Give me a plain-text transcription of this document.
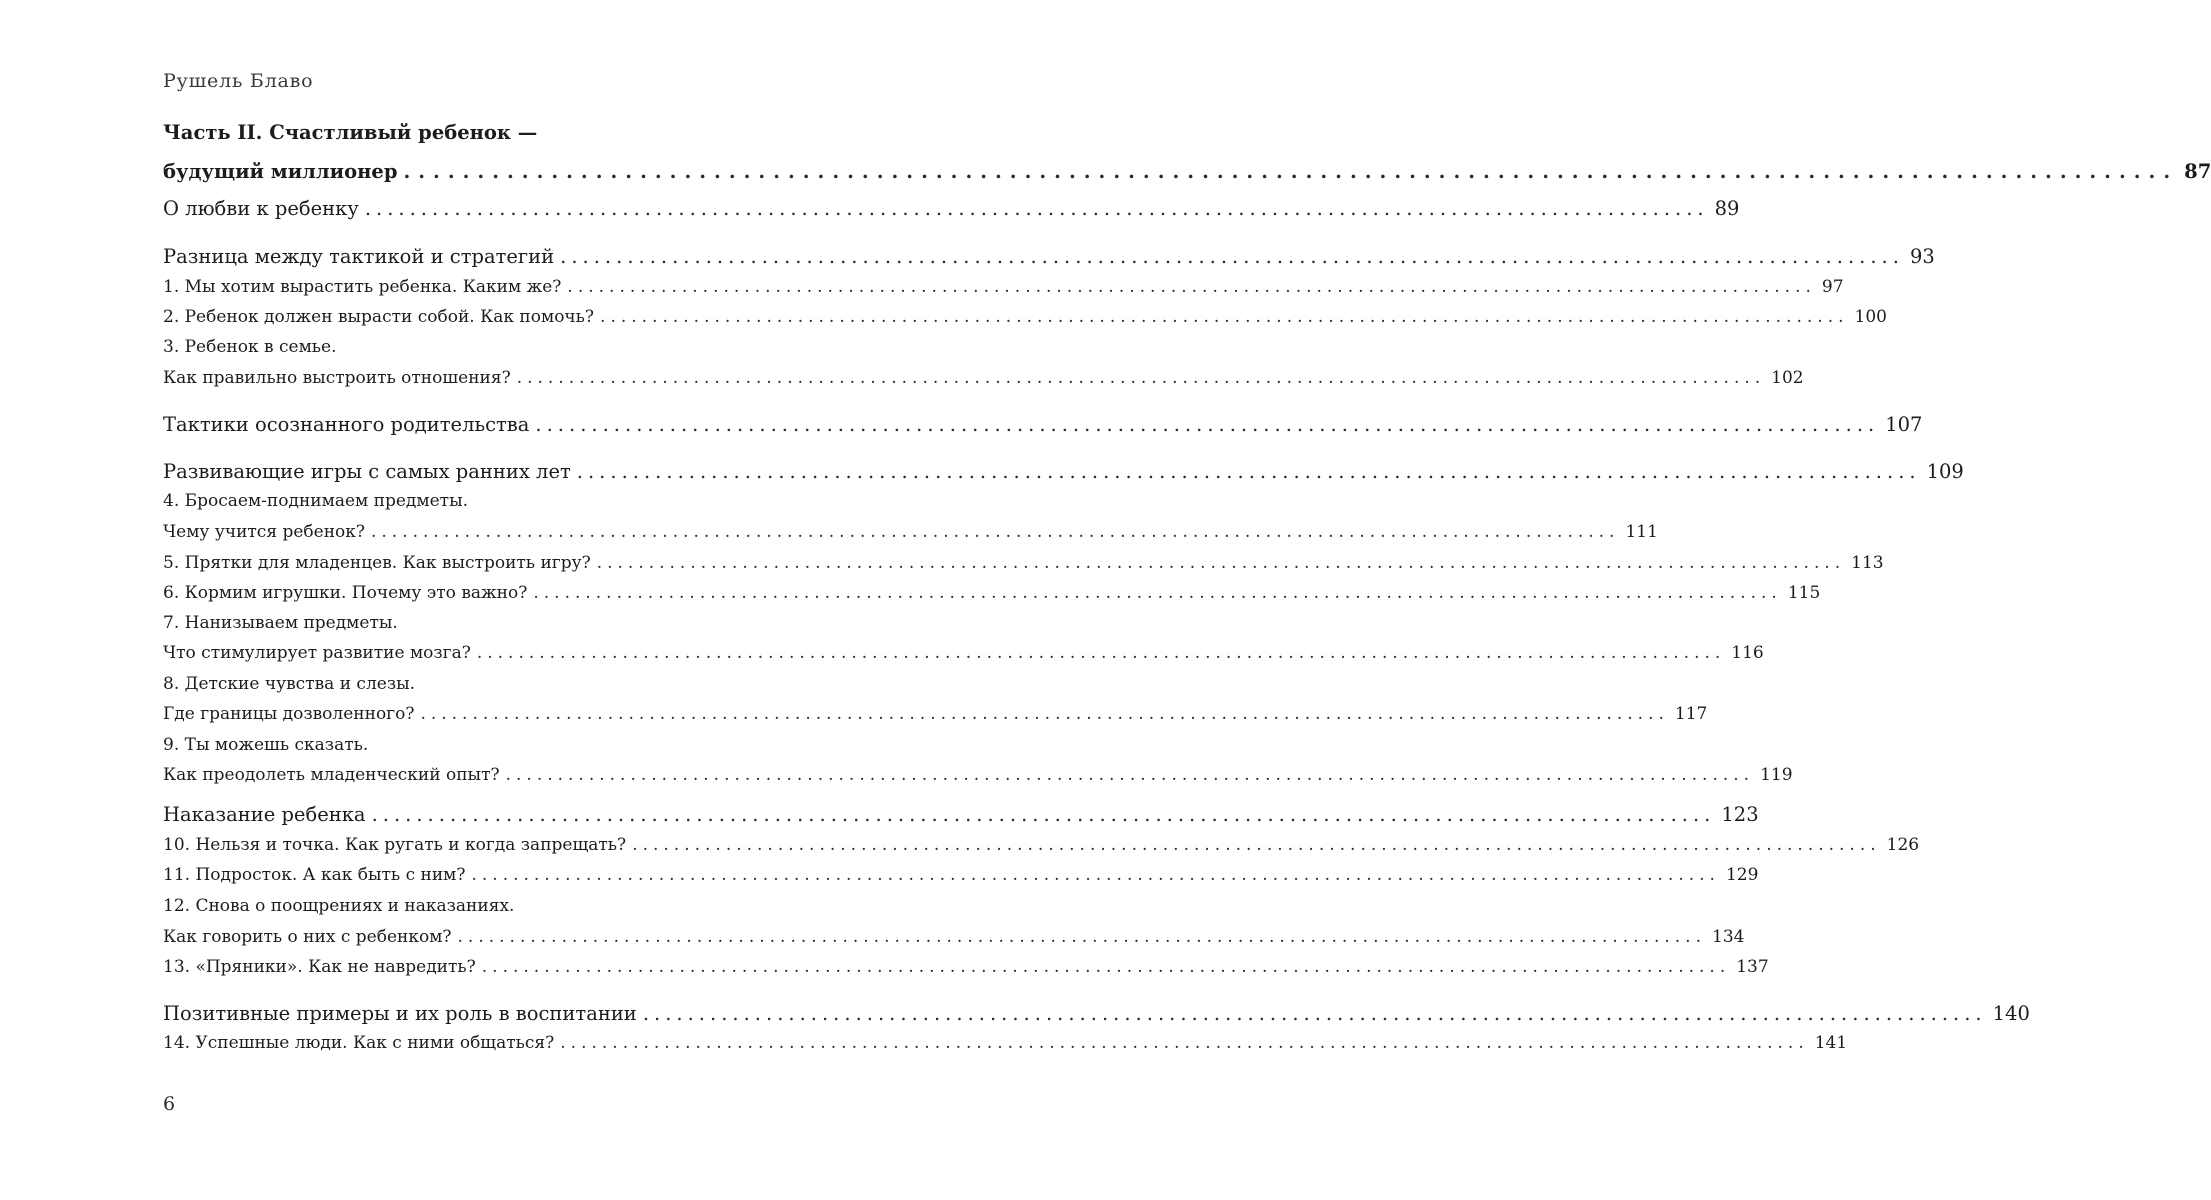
Рушель Блаво
Часть II. Счастливый ребенок —
будущий миллионер ........................................................................................................................ 87
О любви к ребенку ........................................................................................................................ 89
Разница между тактикой и стратегий ........................................................................................................................ 93
1. Мы хотим вырастить ребенка. Каким же? ........................................................................................................................ 97
2. Ребенок должен вырасти собой. Как помочь? ........................................................................................................................ 100
3. Ребенок в семье.
Как правильно выстроить отношения? ........................................................................................................................ 102
Тактики осознанного родительства ........................................................................................................................ 107
Развивающие игры с самых ранних лет ........................................................................................................................ 109
4. Бросаем-поднимаем предметы.
Чему учится ребенок? ........................................................................................................................ 111
5. Прятки для младенцев. Как выстроить игру? ........................................................................................................................ 113
6. Кормим игрушки. Почему это важно? ........................................................................................................................ 115
7. Нанизываем предметы.
Что стимулирует развитие мозга? ........................................................................................................................ 116
8. Детские чувства и слезы.
Где границы дозволенного? ........................................................................................................................ 117
9. Ты можешь сказать.
Как преодолеть младенческий опыт? ........................................................................................................................ 119
Наказание ребенка ........................................................................................................................ 123
10. Нельзя и точка. Как ругать и когда запрещать? ........................................................................................................................ 126
11. Подросток. А как быть с ним? ........................................................................................................................ 129
12. Снова о поощрениях и наказаниях.
Как говорить о них с ребенком? ........................................................................................................................ 134
13. «Пряники». Как не навредить? ........................................................................................................................ 137
Позитивные примеры и их роль в воспитании ........................................................................................................................ 140
14. Успешные люди. Как с ними общаться? ........................................................................................................................ 141
6
